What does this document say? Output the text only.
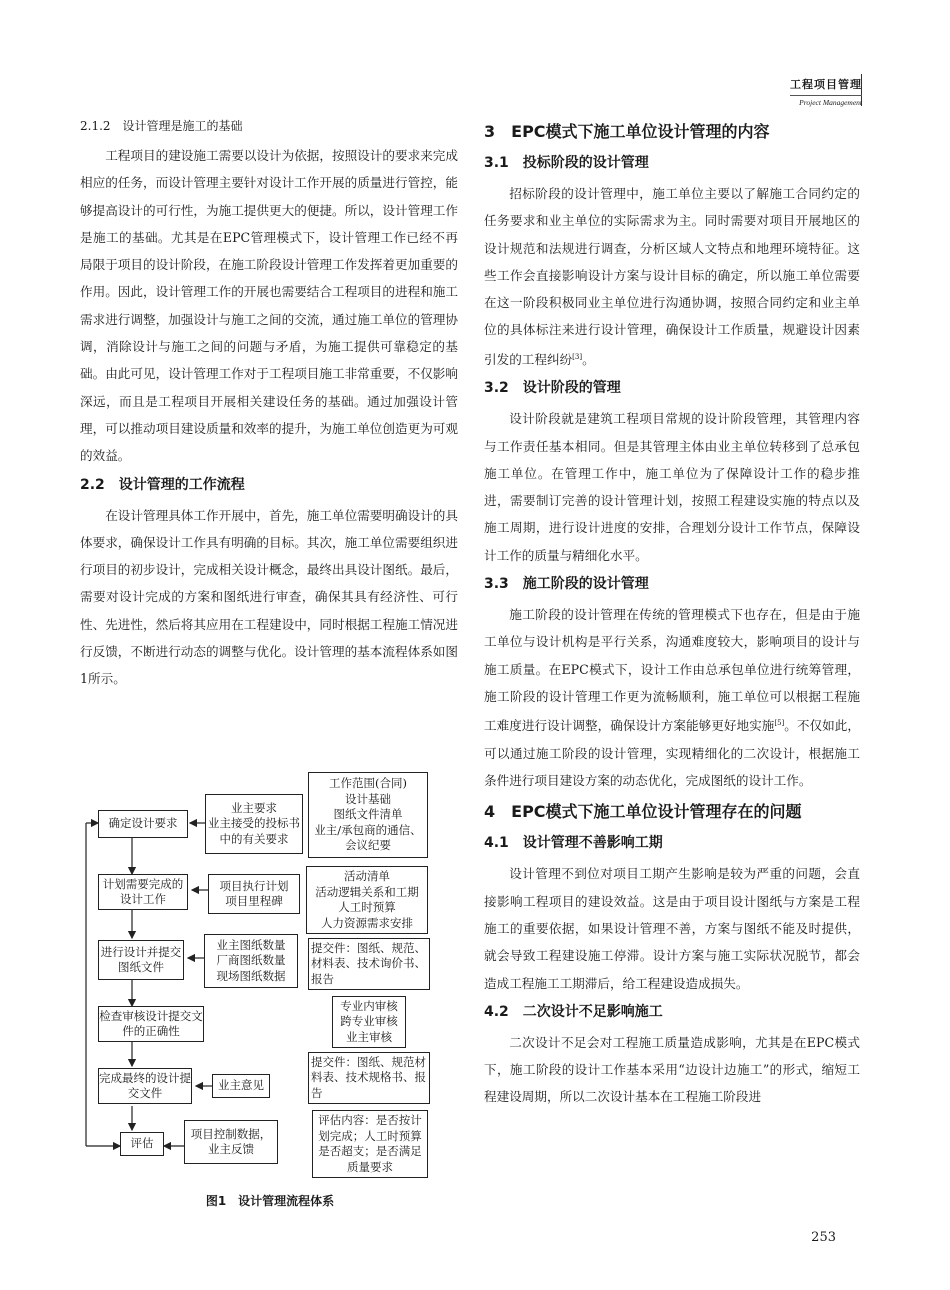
工程项目管理
Project Management
2.1.2　设计管理是施工的基础

工程项目的建设施工需要以设计为依据，按照设计的要求来完成相应的任务，而设计管理主要针对设计工作开展的质量进行管控，能够提高设计的可行性，为施工提供更大的便捷。所以，设计管理工作是施工的基础。尤其是在EPC管理模式下，设计管理工作已经不再局限于项目的设计阶段，在施工阶段设计管理工作发挥着更加重要的作用。因此，设计管理工作的开展也需要结合工程项目的进程和施工需求进行调整，加强设计与施工之间的交流，通过施工单位的管理协调，消除设计与施工之间的问题与矛盾，为施工提供可靠稳定的基础。由此可见，设计管理工作对于工程项目施工非常重要，不仅影响深远，而且是工程项目开展相关建设任务的基础。通过加强设计管理，可以推动项目建设质量和效率的提升，为施工单位创造更为可观的效益。

2.2　设计管理的工作流程

在设计管理具体工作开展中，首先，施工单位需要明确设计的具体要求，确保设计工作具有明确的目标。其次，施工单位需要组织进行项目的初步设计，完成相关设计概念，最终出具设计图纸。最后，需要对设计完成的方案和图纸进行审查，确保其具有经济性、可行性、先进性，然后将其应用在工程建设中，同时根据工程施工情况进行反馈，不断进行动态的调整与优化。设计管理的基本流程体系如图1所示。

确定设计要求
计划需要完成的设计工作
进行设计并提交图纸文件
检查审核设计提交文件的正确性
完成最终的设计提交文件
评估
业主要求
业主接受的投标书中的有关要求
项目执行计划
项目里程碑
业主图纸数量
厂商图纸数量
现场图纸数据
业主意见
项目控制数据，
业主反馈
工作范围(合同)
设计基础
图纸文件清单
业主/承包商的通信、会议纪要
活动清单
活动逻辑关系和工期
人工时预算
人力资源需求安排
提交件：图纸、规范、材料表、技术询价书、报告
专业内审核
跨专业审核
业主审核
提交件：图纸、规范材料表、技术规格书、报告
评估内容：是否按计划完成；人工时预算是否超支；是否满足质量要求
图1　设计管理流程体系
3　EPC模式下施工单位设计管理的内容
3.1　投标阶段的设计管理

招标阶段的设计管理中，施工单位主要以了解施工合同约定的任务要求和业主单位的实际需求为主。同时需要对项目开展地区的设计规范和法规进行调查，分析区域人文特点和地理环境特征。这些工作会直接影响设计方案与设计目标的确定，所以施工单位需要在这一阶段积极同业主单位进行沟通协调，按照合同约定和业主单位的具体标注来进行设计管理，确保设计工作质量，规避设计因素引发的工程纠纷[3]。

3.2　设计阶段的管理

设计阶段就是建筑工程项目常规的设计阶段管理，其管理内容与工作责任基本相同。但是其管理主体由业主单位转移到了总承包施工单位。在管理工作中，施工单位为了保障设计工作的稳步推进，需要制订完善的设计管理计划，按照工程建设实施的特点以及施工周期，进行设计进度的安排，合理划分设计工作节点，保障设计工作的质量与精细化水平。

3.3　施工阶段的设计管理

施工阶段的设计管理在传统的管理模式下也存在，但是由于施工单位与设计机构是平行关系，沟通难度较大，影响项目的设计与施工质量。在EPC模式下，设计工作由总承包单位进行统筹管理，施工阶段的设计管理工作更为流畅顺利，施工单位可以根据工程施工难度进行设计调整，确保设计方案能够更好地实施[5]。不仅如此，可以通过施工阶段的设计管理，实现精细化的二次设计，根据施工条件进行项目建设方案的动态优化，完成图纸的设计工作。

4　EPC模式下施工单位设计管理存在的问题
4.1　设计管理不善影响工期

设计管理不到位对项目工期产生影响是较为严重的问题，会直接影响工程项目的建设效益。这是由于项目设计图纸与方案是工程施工的重要依据，如果设计管理不善，方案与图纸不能及时提供，就会导致工程建设施工停滞。设计方案与施工实际状况脱节，都会造成工程施工工期滞后，给工程建设造成损失。

4.2　二次设计不足影响施工

二次设计不足会对工程施工质量造成影响，尤其是在EPC模式下，施工阶段的设计工作基本采用“边设计边施工”的形式，缩短工程建设周期，所以二次设计基本在工程施工阶段进

253
